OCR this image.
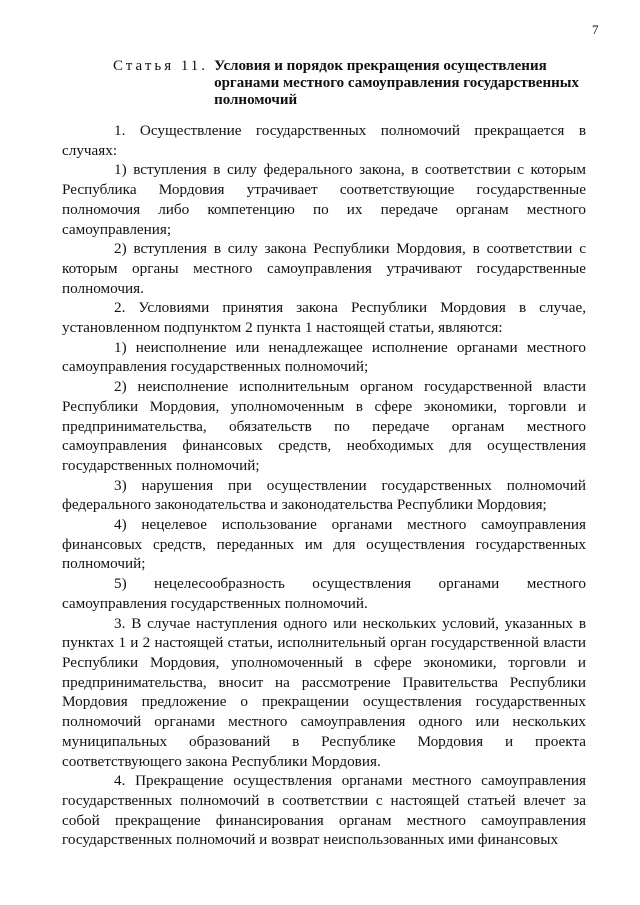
7
Статья 11. Условия и порядок прекращения осуществления органами местного самоуправления государственных полномочий

1. Осуществление государственных полномочий прекращается в случаях:

1) вступления в силу федерального закона, в соответствии с которым Республика Мордовия утрачивает соответствующие государственные полномочия либо компетенцию по их передаче органам местного самоуправления;

2) вступления в силу закона Республики Мордовия, в соответствии с которым органы местного самоуправления утрачивают государственные полномочия.

2. Условиями принятия закона Республики Мордовия в случае, установленном подпунктом 2 пункта 1 настоящей статьи, являются:

1) неисполнение или ненадлежащее исполнение органами местного самоуправления государственных полномочий;

2) неисполнение исполнительным органом государственной власти Республики Мордовия, уполномоченным в сфере экономики, торговли и предпринимательства, обязательств по передаче органам местного самоуправления финансовых средств, необходимых для осуществления государственных полномочий;

3) нарушения при осуществлении государственных полномочий федерального законодательства и законодательства Республики Мордовия;

4) нецелевое использование органами местного самоуправления финансовых средств, переданных им для осуществления государственных полномочий;

5) нецелесообразность осуществления органами местного самоуправления государственных полномочий.

3. В случае наступления одного или нескольких условий, указанных в пунктах 1 и 2 настоящей статьи, исполнительный орган государственной власти Республики Мордовия, уполномоченный в сфере экономики, торговли и предпринимательства, вносит на рассмотрение Правительства Республики Мордовия предложение о прекращении осуществления государственных полномочий органами местного самоуправления одного или нескольких муниципальных образований в Республике Мордовия и проекта соответствующего закона Республики Мордовия.

4. Прекращение осуществления органами местного самоуправления государственных полномочий в соответствии с настоящей статьей влечет за собой прекращение финансирования органам местного самоуправления государственных полномочий и возврат неиспользованных ими финансовых
